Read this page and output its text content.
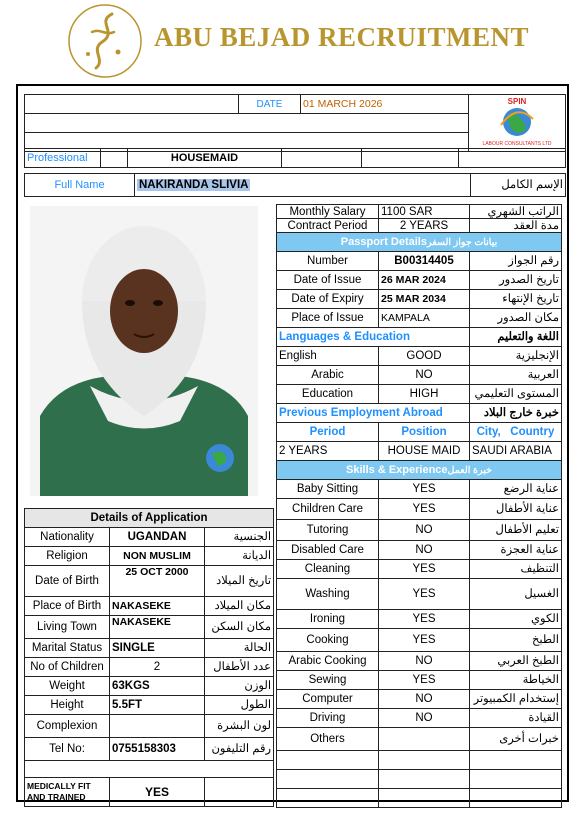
ABU BEJAD RECRUITMENT
	DATE	01 MARCH 2026	SPIN
LABOUR CONSULTANTS LTD

Professional		HOUSEMAID			
Full Name	NAKIRANDA SLIVIA	الإسم الكامل
Details of Application		
Nationality	UGANDAN	الجنسية
Religion	NON MUSLIM	الديانة
Date of Birth	25 OCT 2000	تاريخ الميلاد
Place of Birth	NAKASEKE	مكان الميلاد
Living Town	NAKASEKE	مكان السكن
Marital Status	SINGLE	الحالة
No of Children	2	عدد الأطفال
Weight	63KGS	الوزن
Height	5.5FT	الطول
Complexion		لون البشرة
Tel No:	0755158303	رقم التليفون

MEDICALLY FIT AND TRAINED	YES	
Monthly Salary	1100 SAR	الراتب الشهري
Contract Period	2 YEARS	مدة العقد
Passport Detailsبيانات جواز السفر		
Number	B00314405	رقم الجواز
Date of Issue	26 MAR 2024	تاريخ الصدور
Date of Expiry	25 MAR 2034	تاريخ الإنتهاء
Place of Issue	KAMPALA	مكان الصدور
Languages & Education		اللغة والتعليم
English	GOOD	الإنجليزية
Arabic	NO	العربية
Education	HIGH	المستوى التعليمي
Previous Employment Abroad		خبرة خارج البلاد
Period	Position	City,   Country
2 YEARS	HOUSE MAID	SAUDI ARABIA
Skills & Experienceخبرة العمل		
Baby Sitting	YES	عناية الرضع
Children Care	YES	عناية الأطفال
Tutoring	NO	تعليم الأطفال
Disabled Care	NO	عناية العجزة
Cleaning	YES	التنظيف
Washing	YES	الغسيل
Ironing	YES	الكوي
Cooking	YES	الطبخ
Arabic Cooking	NO	الطبخ العربي
Sewing	YES	الخياطة
Computer	NO	إستخدام الكمبيوتر
Driving	NO	القيادة
Others		خبرات أخرى
